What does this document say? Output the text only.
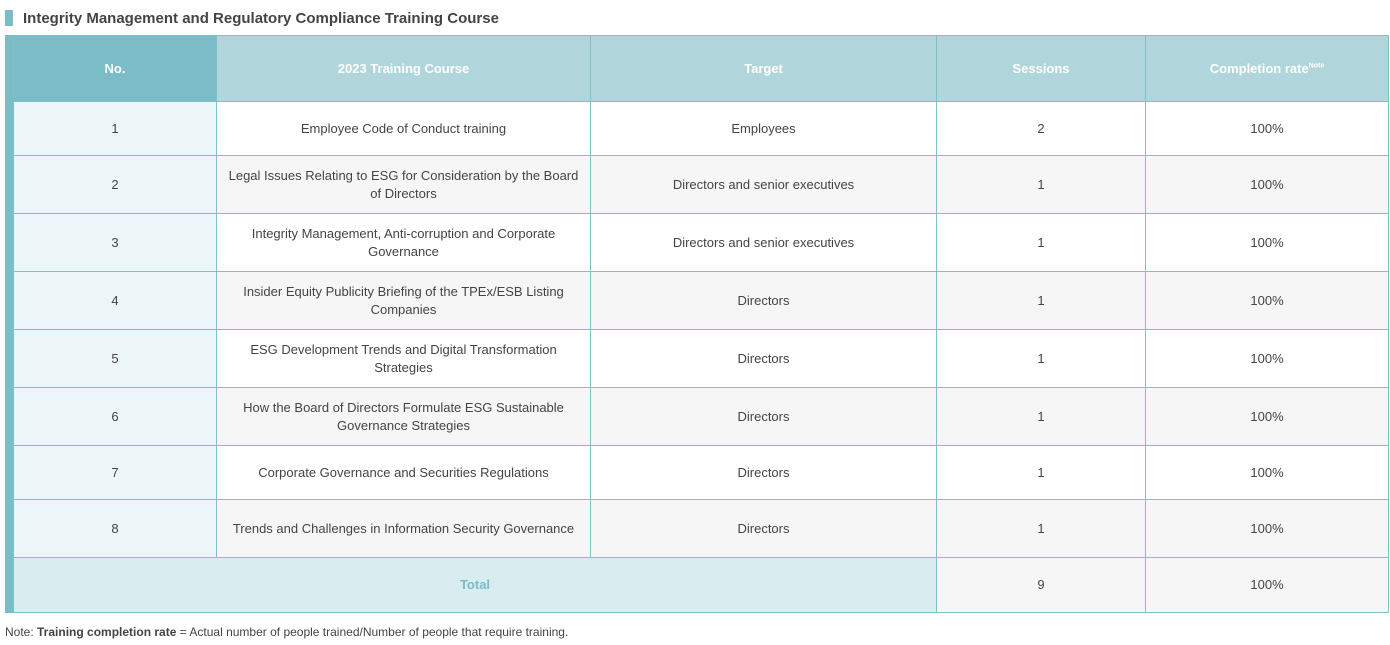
Integrity Management and Regulatory Compliance Training Course
No.	2023 Training Course	Target	Sessions	Completion rate$^{Note}$
1	Employee Code of Conduct training	Employees	2	100%
2	Legal Issues Relating to ESG for Consideration by the Board of Directors	Directors and senior executives	1	100%
3	Integrity Management, Anti-corruption and Corporate Governance	Directors and senior executives	1	100%
4	Insider Equity Publicity Briefing of the TPEx/ESB Listing Companies	Directors	1	100%
5	ESG Development Trends and Digital Transformation Strategies	Directors	1	100%
6	How the Board of Directors Formulate ESG Sustainable Governance Strategies	Directors	1	100%
7	Corporate Governance and Securities Regulations	Directors	1	100%
8	Trends and Challenges in Information Security Governance	Directors	1	100%
Total			9	100%
Note: Training completion rate = Actual number of people trained/Number of people that require training.
